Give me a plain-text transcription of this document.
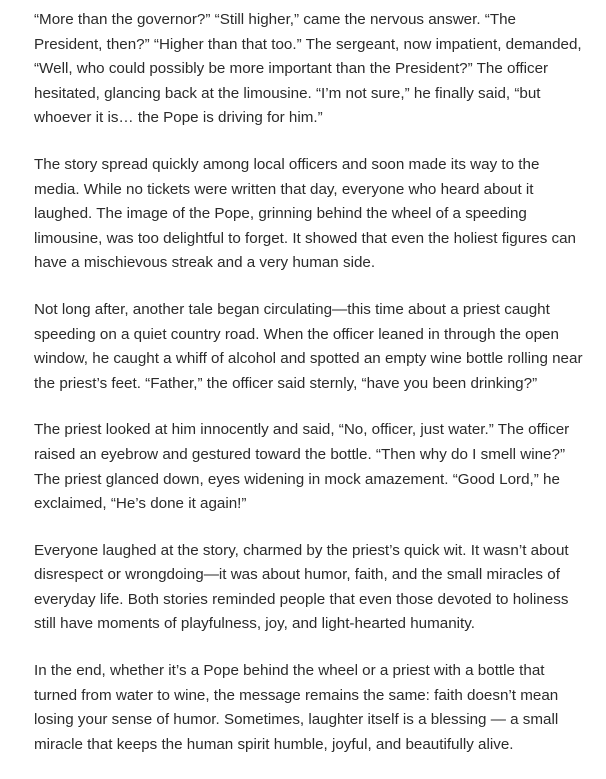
“More than the governor?” “Still higher,” came the nervous answer. “The President, then?” “Higher than that too.” The sergeant, now impatient, demanded, “Well, who could possibly be more important than the President?” The officer hesitated, glancing back at the limousine. “I’m not sure,” he finally said, “but whoever it is… the Pope is driving for him.”

The story spread quickly among local officers and soon made its way to the media. While no tickets were written that day, everyone who heard about it laughed. The image of the Pope, grinning behind the wheel of a speeding limousine, was too delightful to forget. It showed that even the holiest figures can have a mischievous streak and a very human side.

Not long after, another tale began circulating—this time about a priest caught speeding on a quiet country road. When the officer leaned in through the open window, he caught a whiff of alcohol and spotted an empty wine bottle rolling near the priest’s feet. “Father,” the officer said sternly, “have you been drinking?”

The priest looked at him innocently and said, “No, officer, just water.” The officer raised an eyebrow and gestured toward the bottle. “Then why do I smell wine?” The priest glanced down, eyes widening in mock amazement. “Good Lord,” he exclaimed, “He’s done it again!”

Everyone laughed at the story, charmed by the priest’s quick wit. It wasn’t about disrespect or wrongdoing—it was about humor, faith, and the small miracles of everyday life. Both stories reminded people that even those devoted to holiness still have moments of playfulness, joy, and light-hearted humanity.

In the end, whether it’s a Pope behind the wheel or a priest with a bottle that turned from water to wine, the message remains the same: faith doesn’t mean losing your sense of humor. Sometimes, laughter itself is a blessing — a small miracle that keeps the human spirit humble, joyful, and beautifully alive.
